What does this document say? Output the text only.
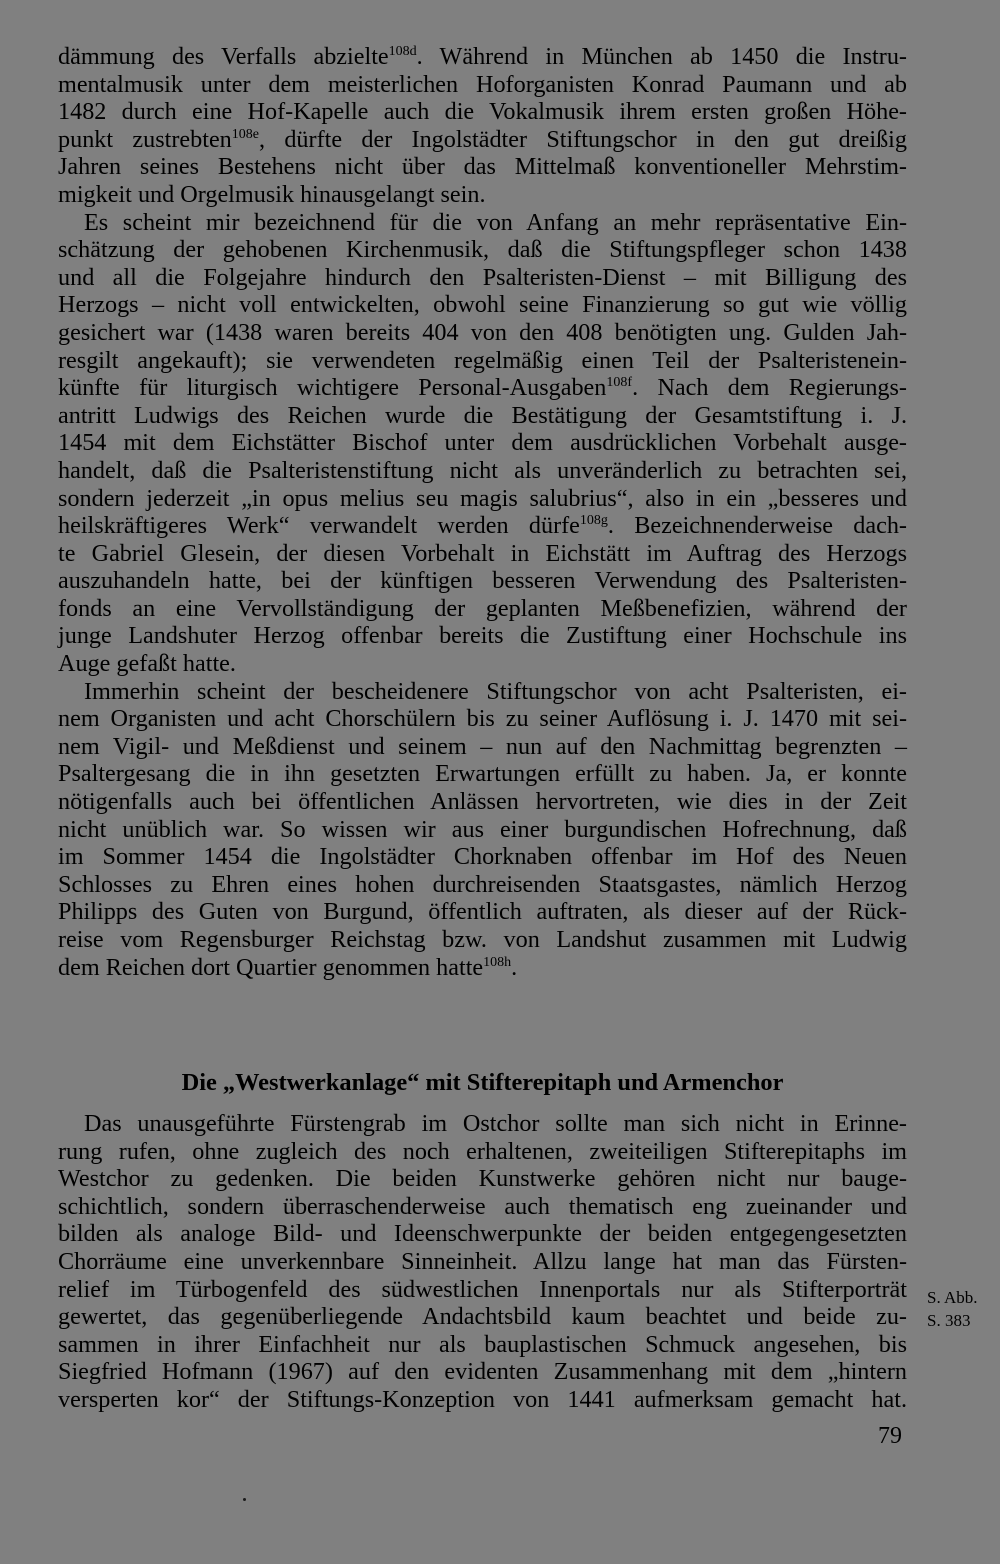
dämmung des Verfalls abzielte$^{108d}$. Während in München ab 1450 die Instru-
mentalmusik unter dem meisterlichen Hoforganisten Konrad Paumann und ab
1482 durch eine Hof-Kapelle auch die Vokalmusik ihrem ersten großen Höhe-
punkt zustrebten$^{108e}$, dürfte der Ingolstädter Stiftungschor in den gut dreißig
Jahren seines Bestehens nicht über das Mittelmaß konventioneller Mehrstim-
migkeit und Orgelmusik hinausgelangt sein.
Es scheint mir bezeichnend für die von Anfang an mehr repräsentative Ein-
schätzung der gehobenen Kirchenmusik, daß die Stiftungspfleger schon 1438
und all die Folgejahre hindurch den Psalteristen-Dienst – mit Billigung des
Herzogs – nicht voll entwickelten, obwohl seine Finanzierung so gut wie völlig
gesichert war (1438 waren bereits 404 von den 408 benötigten ung. Gulden Jah-
resgilt angekauft); sie verwendeten regelmäßig einen Teil der Psalteristenein-
künfte für liturgisch wichtigere Personal-Ausgaben$^{108f}$. Nach dem Regierungs-
antritt Ludwigs des Reichen wurde die Bestätigung der Gesamtstiftung i. J.
1454 mit dem Eichstätter Bischof unter dem ausdrücklichen Vorbehalt ausge-
handelt, daß die Psalteristenstiftung nicht als unveränderlich zu betrachten sei,
sondern jederzeit „in opus melius seu magis salubrius“, also in ein „besseres und
heilskräftigeres Werk“ verwandelt werden dürfe$^{108g}$. Bezeichnenderweise dach-
te Gabriel Glesein, der diesen Vorbehalt in Eichstätt im Auftrag des Herzogs
auszuhandeln hatte, bei der künftigen besseren Verwendung des Psalteristen-
fonds an eine Vervollständigung der geplanten Meßbenefizien, während der
junge Landshuter Herzog offenbar bereits die Zustiftung einer Hochschule ins
Auge gefaßt hatte.
Immerhin scheint der bescheidenere Stiftungschor von acht Psalteristen, ei-
nem Organisten und acht Chorschülern bis zu seiner Auflösung i. J. 1470 mit sei-
nem Vigil- und Meßdienst und seinem – nun auf den Nachmittag begrenzten –
Psaltergesang die in ihn gesetzten Erwartungen erfüllt zu haben. Ja, er konnte
nötigenfalls auch bei öffentlichen Anlässen hervortreten, wie dies in der Zeit
nicht unüblich war. So wissen wir aus einer burgundischen Hofrechnung, daß
im Sommer 1454 die Ingolstädter Chorknaben offenbar im Hof des Neuen
Schlosses zu Ehren eines hohen durchreisenden Staatsgastes, nämlich Herzog
Philipps des Guten von Burgund, öffentlich auftraten, als dieser auf der Rück-
reise vom Regensburger Reichstag bzw. von Landshut zusammen mit Ludwig
dem Reichen dort Quartier genommen hatte$^{108h}$.
Die „Westwerkanlage“ mit Stifterepitaph und Armenchor
Das unausgeführte Fürstengrab im Ostchor sollte man sich nicht in Erinne-
rung rufen, ohne zugleich des noch erhaltenen, zweiteiligen Stifterepitaphs im
Westchor zu gedenken. Die beiden Kunstwerke gehören nicht nur bauge-
schichtlich, sondern überraschenderweise auch thematisch eng zueinander und
bilden als analoge Bild- und Ideenschwerpunkte der beiden entgegengesetzten
Chorräume eine unverkennbare Sinneinheit. Allzu lange hat man das Fürsten-
relief im Türbogenfeld des südwestlichen Innenportals nur als Stifterporträt
gewertet, das gegenüberliegende Andachtsbild kaum beachtet und beide zu-
sammen in ihrer Einfachheit nur als bauplastischen Schmuck angesehen, bis
Siegfried Hofmann (1967) auf den evidenten Zusammenhang mit dem „hintern
versperten kor“ der Stiftungs-Konzeption von 1441 aufmerksam gemacht hat.
S. Abb.
S. 383
79
